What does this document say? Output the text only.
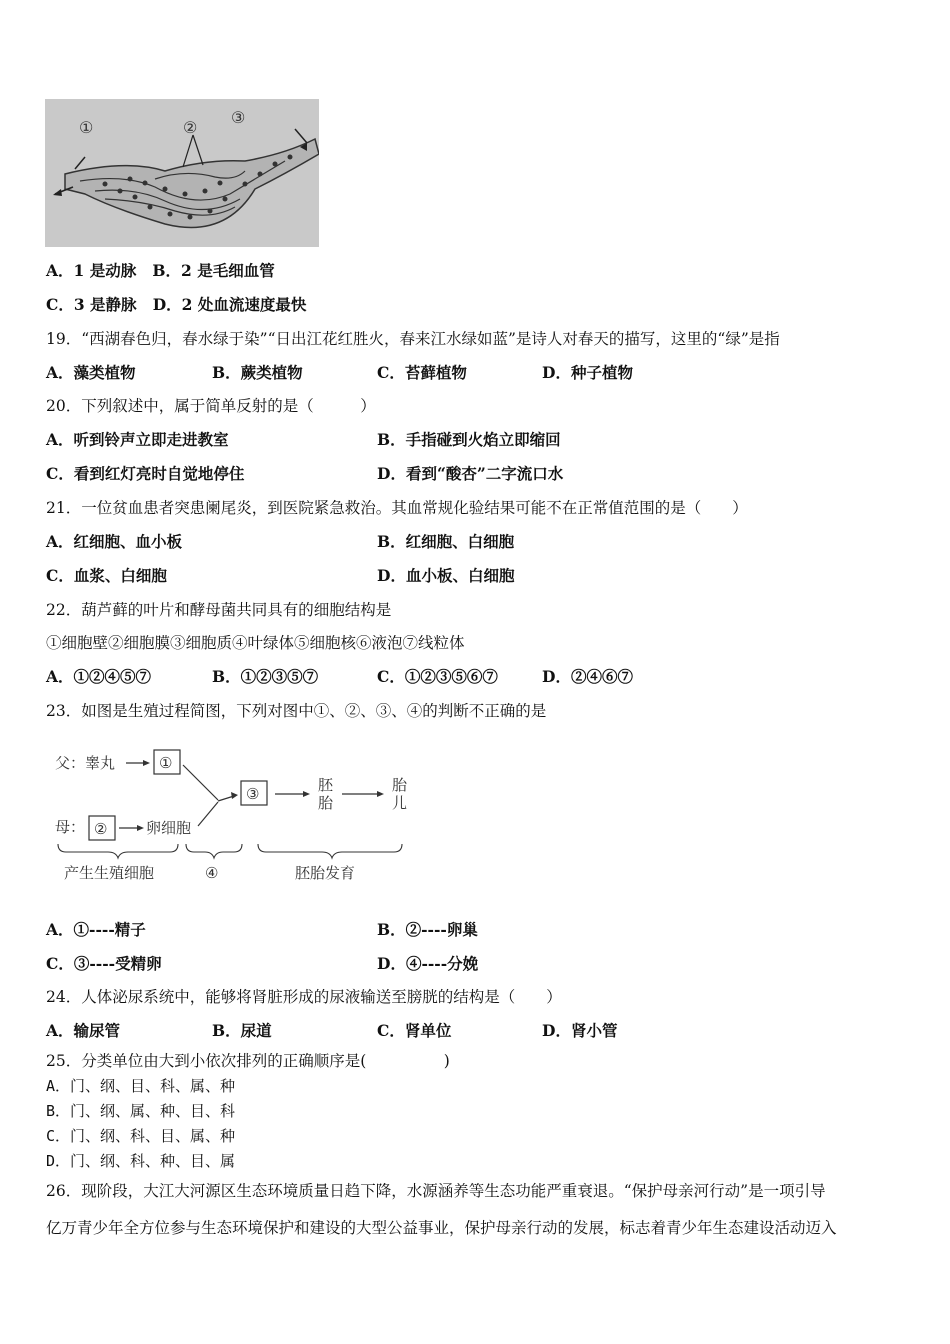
①	②
③
A．1 是动脉 B．2 是毛细血管
C．3 是静脉 D．2 处血流速度最快
19．“西湖春色归，春水绿于染”“日出江花红胜火，春来江水绿如蓝”是诗人对春天的描写，这里的“绿”是指
A．藻类植物	B．蕨类植物	C．苔藓植物	D．种子植物
20．下列叙述中，属于简单反射的是（　　　）
A．听到铃声立即走进教室	B．手指碰到火焰立即缩回
C．看到红灯亮时自觉地停住	D．看到“酸杏”二字流口水
21．一位贫血患者突患阑尾炎，到医院紧急救治。其血常规化验结果可能不在正常值范围的是（　　）
A．红细胞、血小板	B．红细胞、白细胞
C．血浆、白细胞	D．血小板、白细胞
22．葫芦藓的叶片和酵母菌共同具有的细胞结构是
①细胞壁②细胞膜③细胞质④叶绿体⑤细胞核⑥液泡⑦线粒体
A．①②④⑤⑦	B．①②③⑤⑦	C．①②③⑤⑥⑦	D．②④⑥⑦
23．如图是生殖过程简图，下列对图中①、②、③、④的判断不正确的是
父：睾丸	①
③	胚
胎
胎
儿
母： ②	卵细胞
产生生殖细胞	④	胚胎发育
A．①----精子	B．②----卵巢
C．③----受精卵	D．④----分娩
24．人体泌尿系统中，能够将肾脏形成的尿液输送至膀胱的结构是（　　）
A．输尿管	B．尿道	C．肾单位	D．肾小管
25．分类单位由大到小依次排列的正确顺序是(　　　　　)
A．门、纲、目、科、属、种
B．门、纲、属、种、目、科
C．门、纲、科、目、属、种
D．门、纲、科、种、目、属
26．现阶段，大江大河源区生态环境质量日趋下降，水源涵养等生态功能严重衰退。“保护母亲河行动”是一项引导
亿万青少年全方位参与生态环境保护和建设的大型公益事业，保护母亲行动的发展，标志着青少年生态建设活动迈入
